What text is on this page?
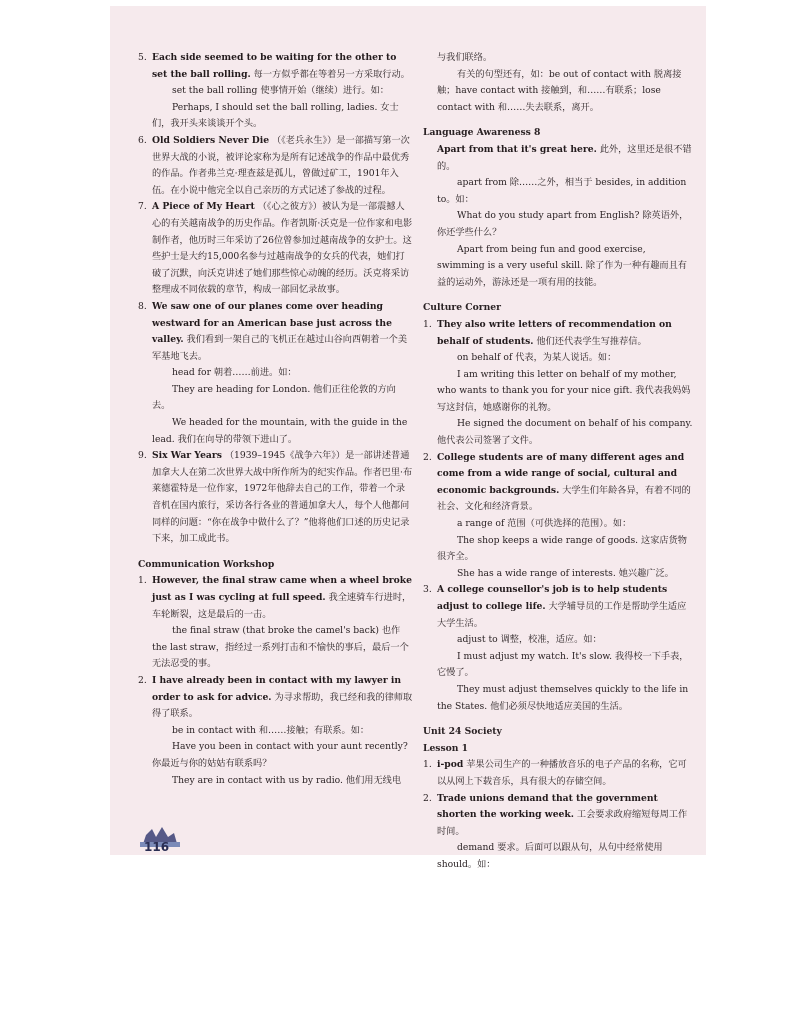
5. Each side seemed to be waiting for the other to set the ball rolling. 每一方似乎都在等着另一方采取行动。

set the ball rolling 使事情开始（继续）进行。如：

Perhaps, I should set the ball rolling, ladies. 女士们，我开头来谈谈开个头。

6. Old Soldiers Never Die （《老兵永生》）是一部描写第一次世界大战的小说，被评论家称为是所有记述战争的作品中最优秀的作品。作者弗兰克·理查兹是孤儿，曾做过矿工，1901年入伍。在小说中他完全以自己亲历的方式记述了参战的过程。

7. A Piece of My Heart （《心之彼方》）被认为是一部震撼人心的有关越南战争的历史作品。作者凯斯·沃克是一位作家和电影制作者，他历时三年采访了26位曾参加过越南战争的女护士。这些护士是大约15,000名参与过越南战争的女兵的代表，她们打破了沉默，向沃克讲述了她们那些惊心动魄的经历。沃克将采访整理成不同依载的章节，构成一部回忆录故事。

8. We saw one of our planes come over heading westward for an American base just across the valley. 我们看到一架自己的飞机正在越过山谷向西朝着一个美军基地飞去。

head for 朝着……前进。如：

They are heading for London. 他们正往伦敦的方向去。

We headed for the mountain, with the guide in the lead. 我们在向导的带领下进山了。

9. Six War Years （1939–1945《战争六年》）是一部讲述普通加拿大人在第二次世界大战中所作所为的纪实作品。作者巴里·布莱德霍特是一位作家，1972年他辞去自己的工作，带着一个录音机在国内旅行，采访各行各业的普通加拿大人，每个人他都问同样的问题：“你在战争中做什么了？”他将他们口述的历史记录下来，加工成此书。

Communication Workshop

1. However, the final straw came when a wheel broke just as I was cycling at full speed. 我全速骑车行进时，车轮断裂，这是最后的一击。

the final straw (that broke the camel's back) 也作 the last straw，指经过一系列打击和不愉快的事后，最后一个无法忍受的事。

2. I have already been in contact with my lawyer in order to ask for advice. 为寻求帮助，我已经和我的律师取得了联系。

be in contact with 和……接触；有联系。如：

Have you been in contact with your aunt recently? 你最近与你的姑姑有联系吗？

They are in contact with us by radio. 他们用无线电

与我们联络。

有关的句型还有，如：be out of contact with 脱离接触；have contact with 接触到，和……有联系；lose contact with 和……失去联系，离开。

Language Awareness 8

Apart from that it's great here. 此外，这里还是很不错的。

apart from 除……之外，相当于 besides, in addition to。如：

What do you study apart from English? 除英语外，你还学些什么？

Apart from being fun and good exercise, swimming is a very useful skill. 除了作为一种有趣而且有益的运动外，游泳还是一项有用的技能。

Culture Corner

1. They also write letters of recommendation on behalf of students. 他们还代表学生写推荐信。

on behalf of 代表，为某人说话。如：

I am writing this letter on behalf of my mother, who wants to thank you for your nice gift. 我代表我妈妈写这封信，她感谢你的礼物。

He signed the document on behalf of his company. 他代表公司签署了文件。

2. College students are of many different ages and come from a wide range of social, cultural and economic backgrounds. 大学生们年龄各异，有着不同的社会、文化和经济背景。

a range of 范围（可供选择的范围）。如：

The shop keeps a wide range of goods. 这家店货物很齐全。

She has a wide range of interests. 她兴趣广泛。

3. A college counsellor's job is to help students adjust to college life. 大学辅导员的工作是帮助学生适应大学生活。

adjust to 调整，校准，适应。如：

I must adjust my watch. It's slow. 我得校一下手表，它慢了。

They must adjust themselves quickly to the life in the States. 他们必须尽快地适应美国的生活。

Unit 24 Society

Lesson 1

1. i-pod 苹果公司生产的一种播放音乐的电子产品的名称，它可以从网上下载音乐，具有很大的存储空间。

2. Trade unions demand that the government shorten the working week. 工会要求政府缩短每周工作时间。

demand 要求。后面可以跟从句，从句中经常使用 should。如：

116
